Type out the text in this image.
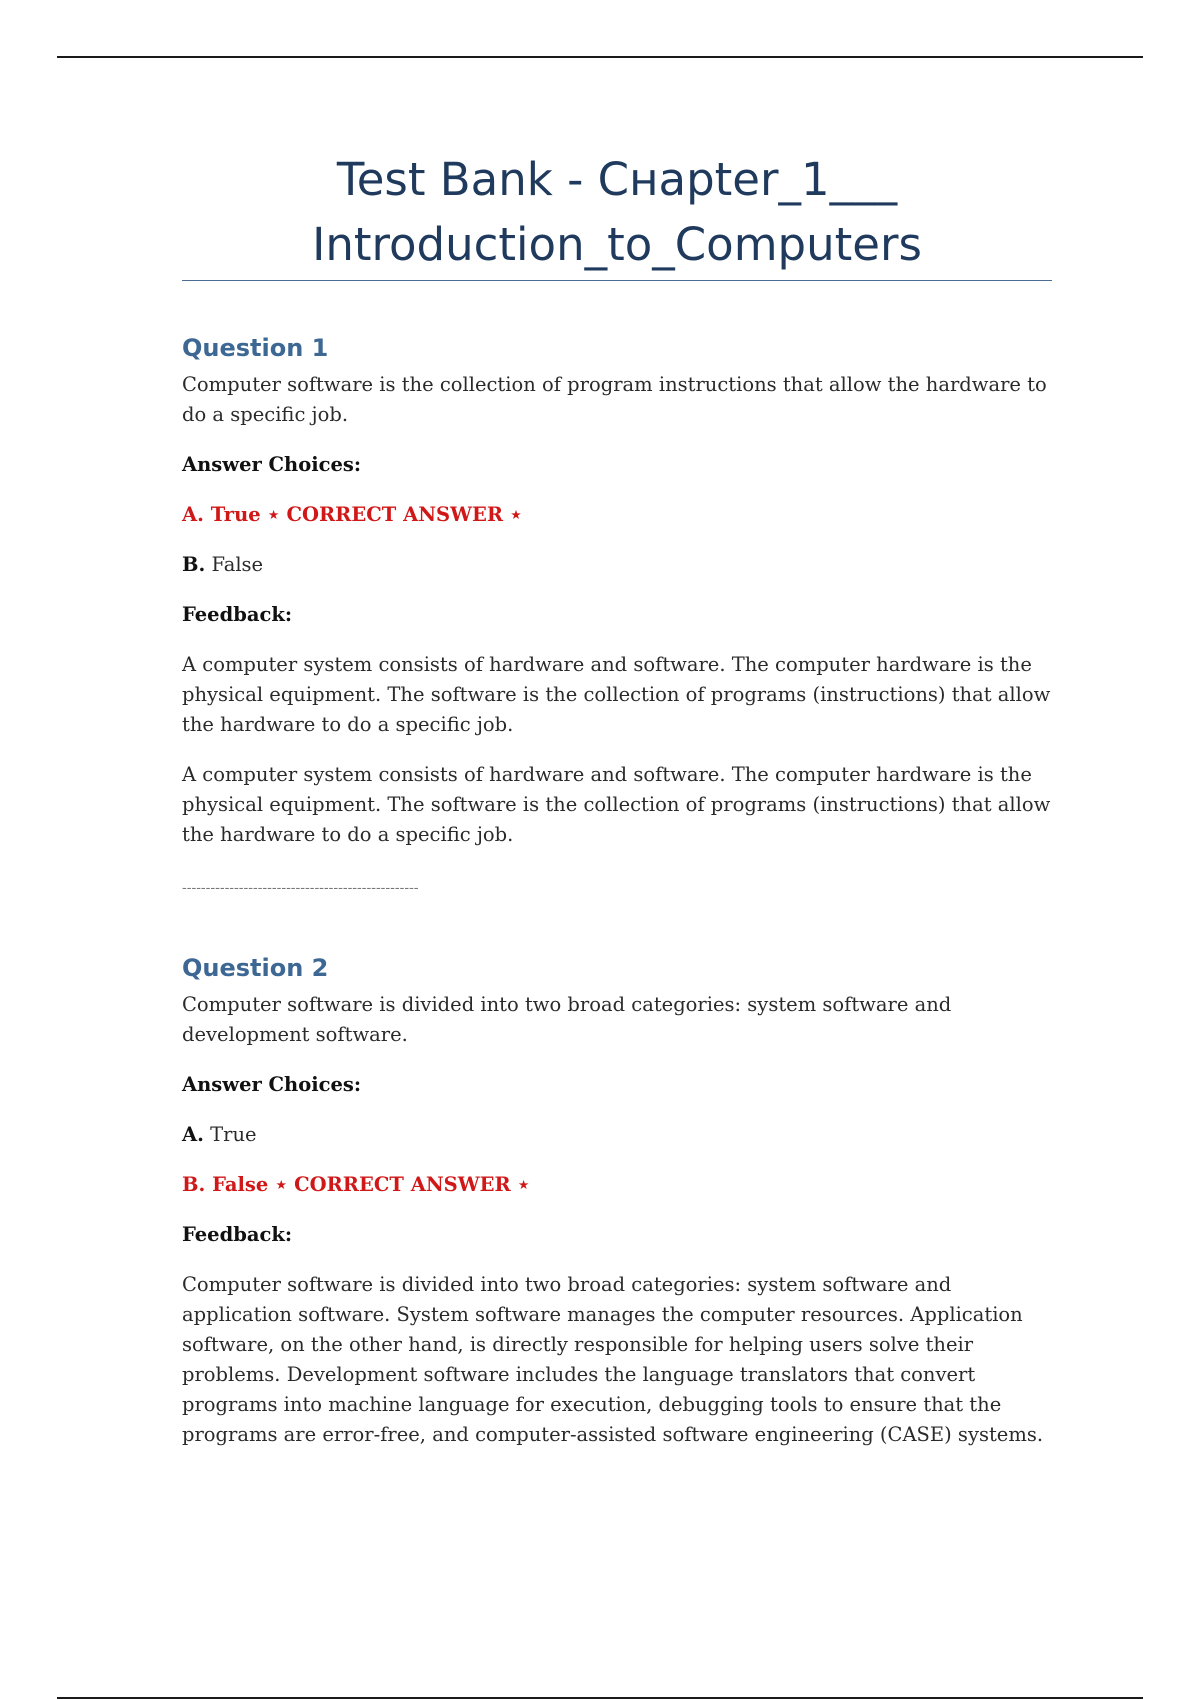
Test Bank - Cʜapter_1___
Introduction_to_Computers
Question 1

Computer software is the collection of program instructions that allow the hardware to do a specific job.

Answer Choices:
A. True ⋆ CORRECT ANSWER ⋆
B. False
Feedback:

A computer system consists of hardware and software. The computer hardware is the physical equipment. The software is the collection of programs (instructions) that allow the hardware to do a specific job.

A computer system consists of hardware and software. The computer hardware is the physical equipment. The software is the collection of programs (instructions) that allow the hardware to do a specific job.

--------------------------------------------------
Question 2

Computer software is divided into two broad categories: system software and development software.

Answer Choices:
A. True
B. False ⋆ CORRECT ANSWER ⋆
Feedback:

Computer software is divided into two broad categories: system software and application software. System software manages the computer resources. Application software, on the other hand, is directly responsible for helping users solve their problems. Development software includes the language translators that convert programs into machine language for execution, debugging tools to ensure that the programs are error-free, and computer-assisted software engineering (CASE) systems.
